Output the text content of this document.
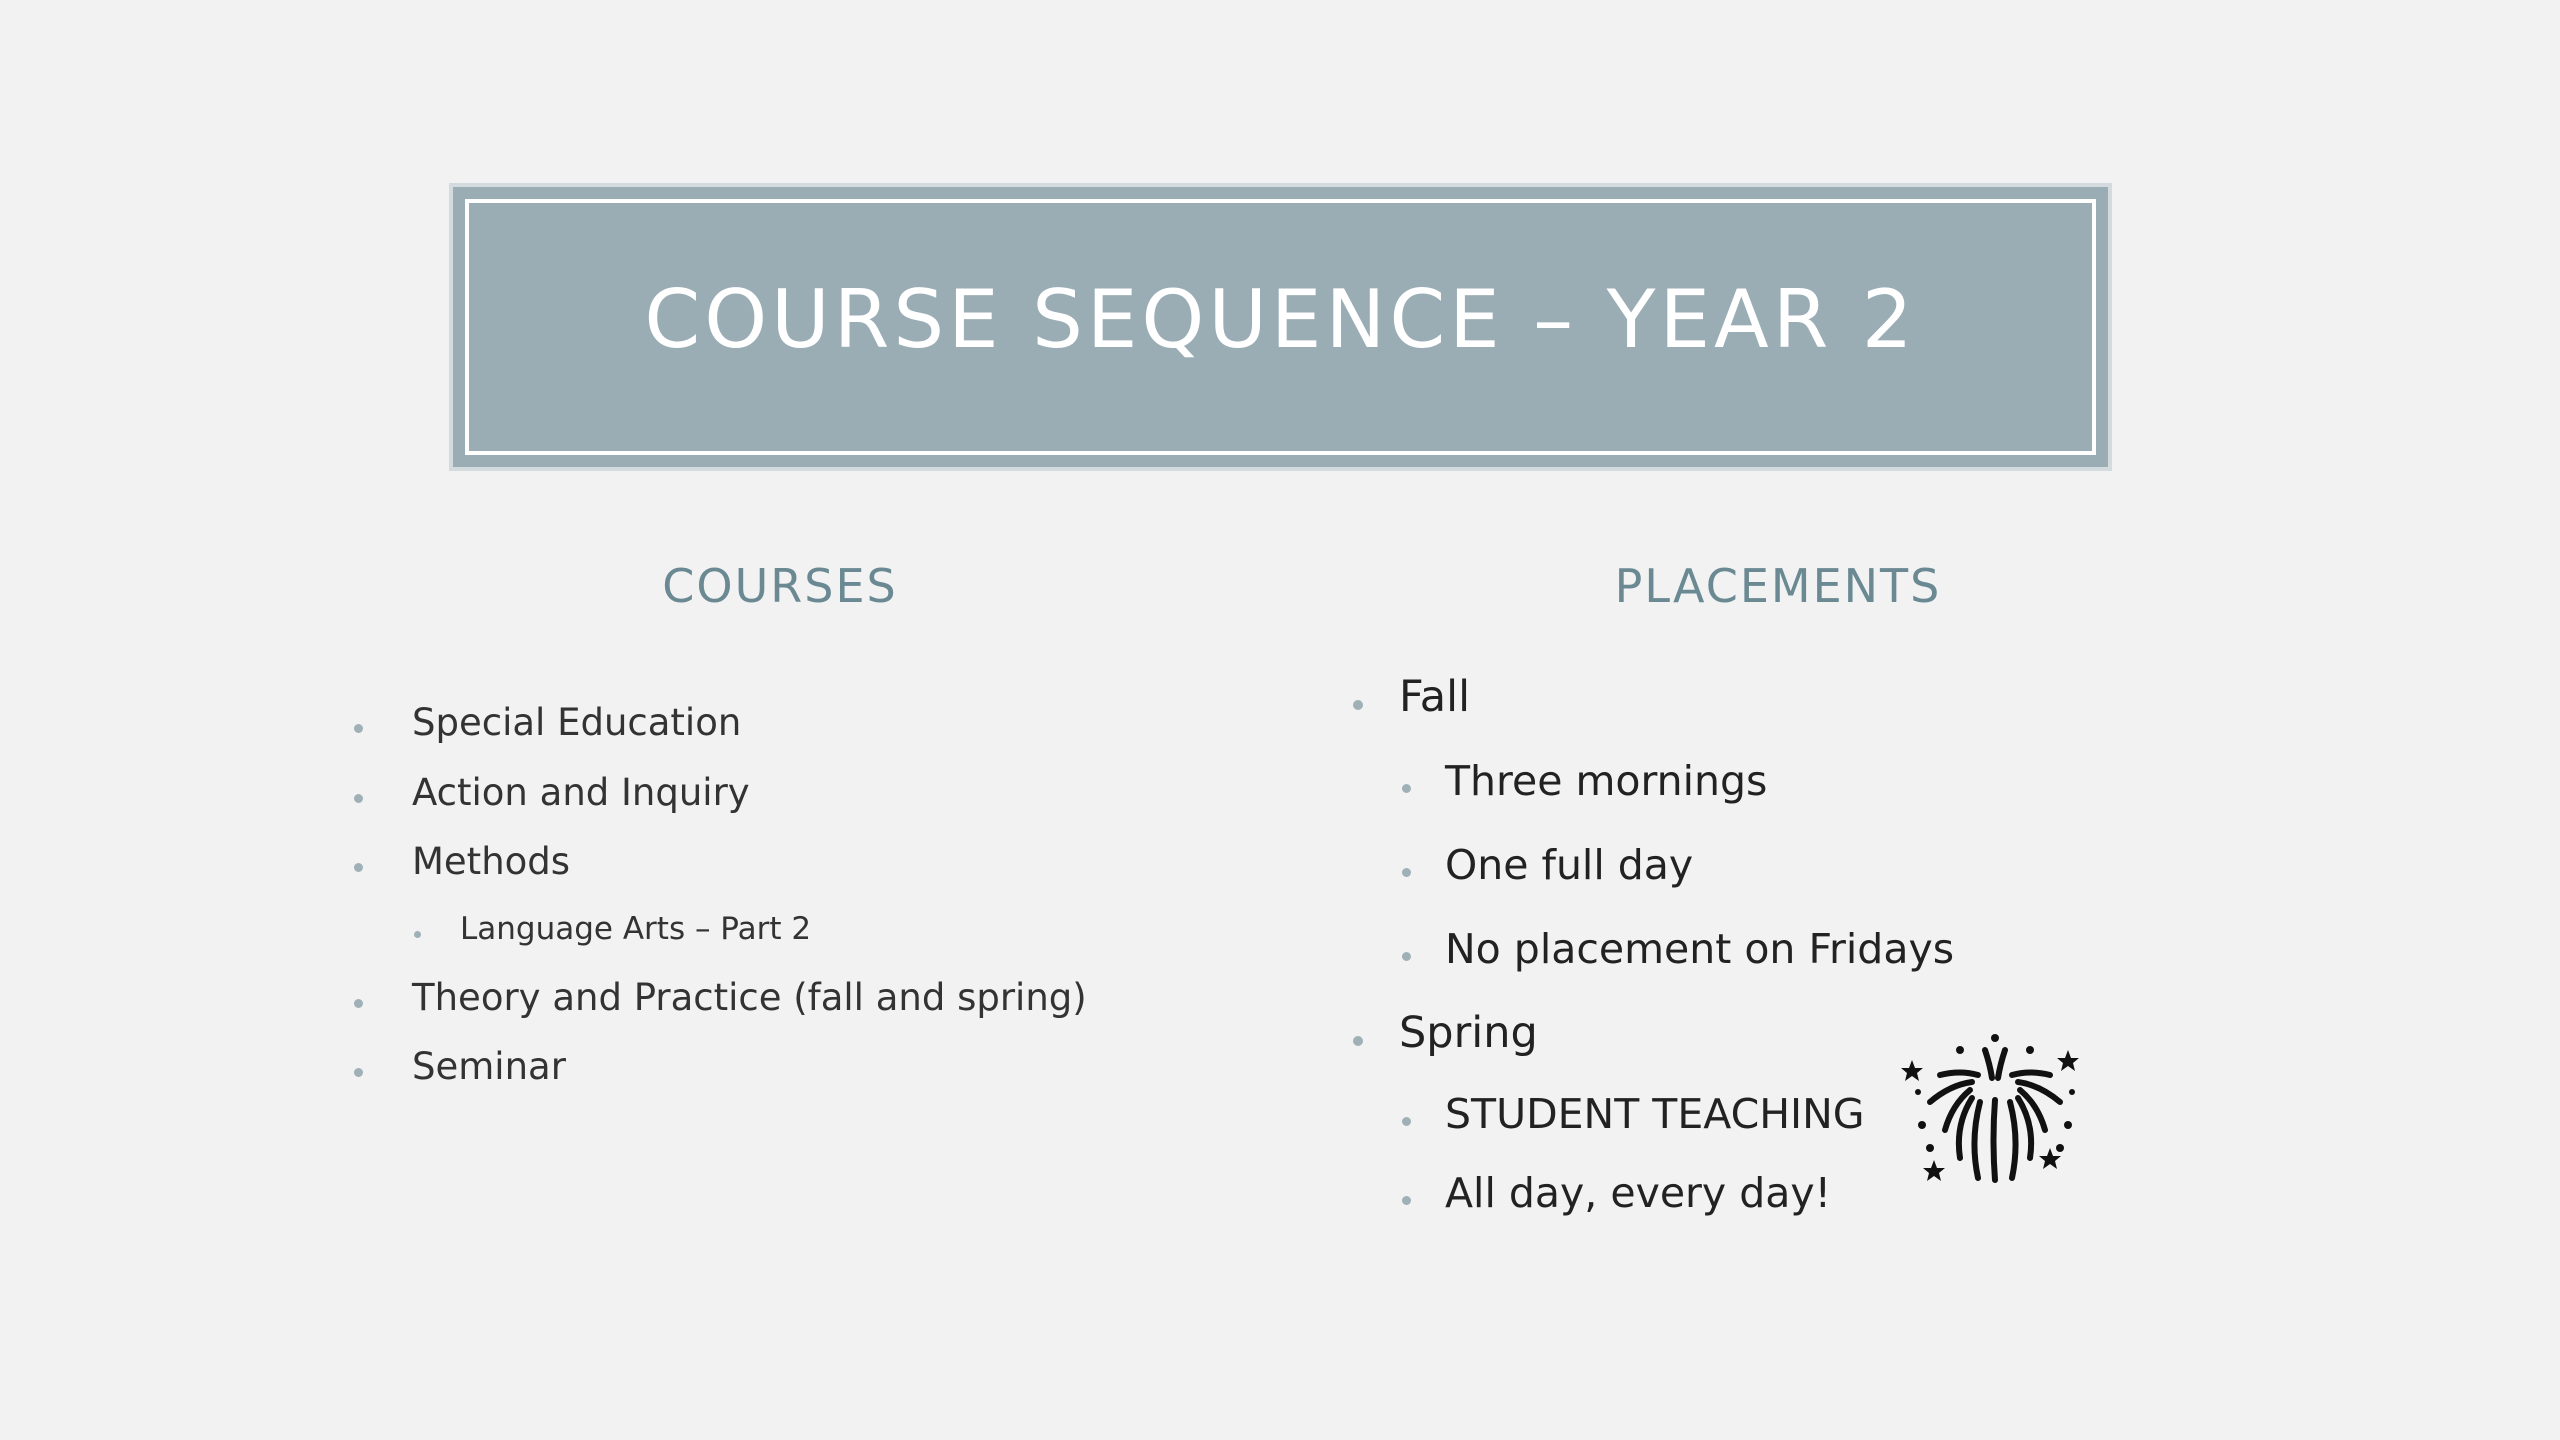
COURSE SEQUENCE – YEAR 2
COURSES	PLACEMENTS
Special Education
Action and Inquiry
Methods
Language Arts – Part 2
Theory and Practice (fall and spring)
Seminar
Fall
Three mornings
One full day
No placement on Fridays
Spring
STUDENT TEACHING
All day, every day!
